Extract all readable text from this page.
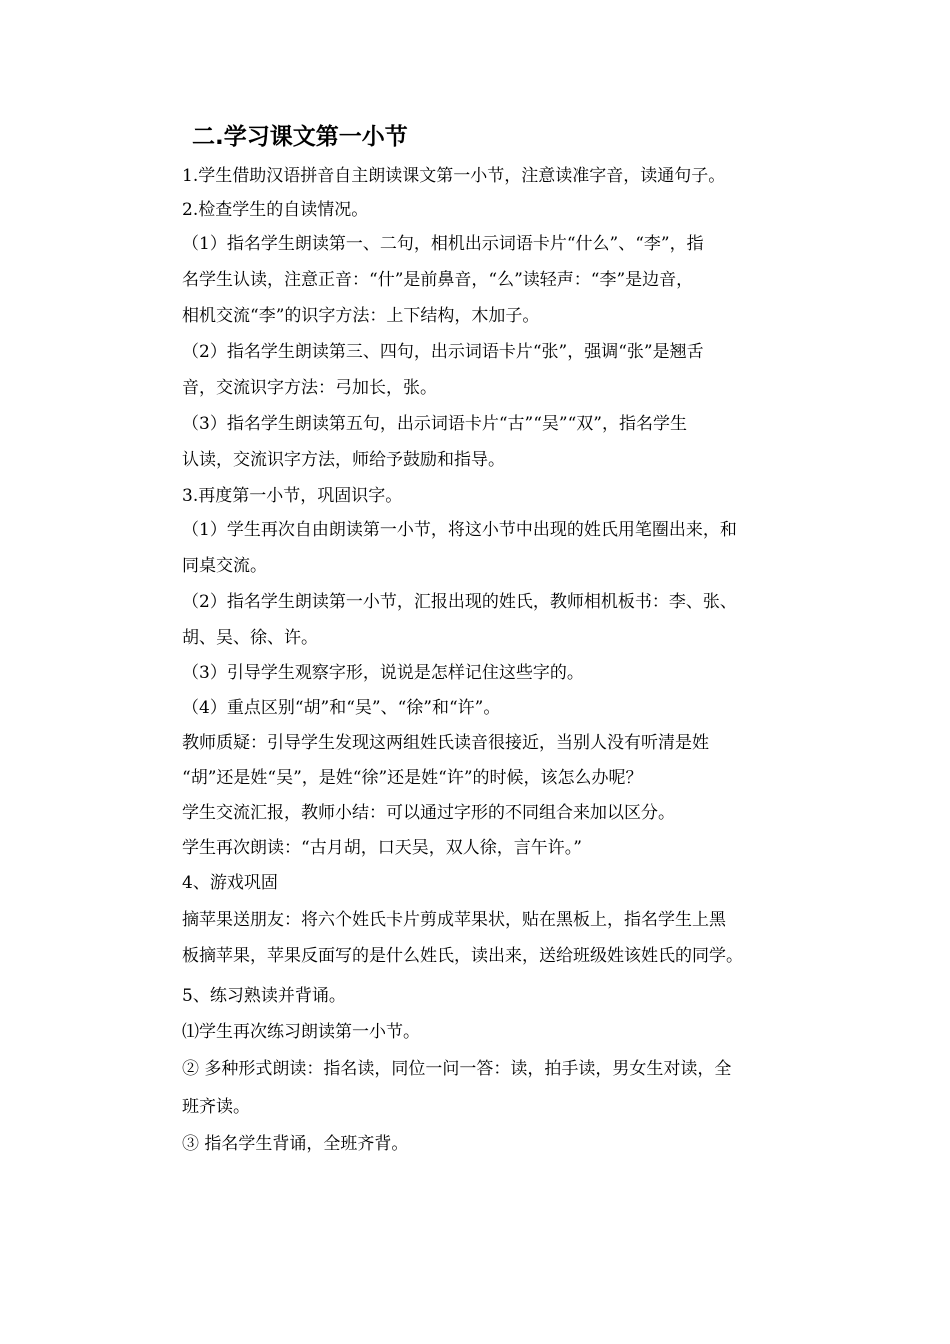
二.学习课文第一小节
1.学生借助汉语拼音自主朗读课文第一小节，注意读准字音，读通句子。
2.检查学生的自读情况。
（1）指名学生朗读第一、二句，相机出示词语卡片“什么”、“李”，指
名学生认读，注意正音：“什”是前鼻音，“么”读轻声：“李”是边音，
相机交流“李”的识字方法：上下结构，木加子。
（2）指名学生朗读第三、四句，出示词语卡片“张”，强调“张”是翘舌
音，交流识字方法：弓加长，张。
（3）指名学生朗读第五句，出示词语卡片“古”“吴”“双”，指名学生
认读，交流识字方法，师给予鼓励和指导。
3.再度第一小节，巩固识字。
（1）学生再次自由朗读第一小节，将这小节中出现的姓氏用笔圈出来，和
同桌交流。
（2）指名学生朗读第一小节，汇报出现的姓氏，教师相机板书：李、张、
胡、吴、徐、许。
（3）引导学生观察字形，说说是怎样记住这些字的。
（4）重点区别“胡”和“吴”、“徐”和“许”。
教师质疑：引导学生发现这两组姓氏读音很接近，当别人没有听清是姓
“胡”还是姓“吴”，是姓“徐”还是姓“许”的时候，该怎么办呢？
学生交流汇报，教师小结：可以通过字形的不同组合来加以区分。
学生再次朗读：“古月胡，口天吴，双人徐，言午许。”
4、游戏巩固
摘苹果送朋友：将六个姓氏卡片剪成苹果状，贴在黑板上，指名学生上黑
板摘苹果，苹果反面写的是什么姓氏，读出来，送给班级姓该姓氏的同学。
5、练习熟读并背诵。
⑴学生再次练习朗读第一小节。
② 多种形式朗读：指名读，同位一问一答：读，拍手读，男女生对读，全
班齐读。
③ 指名学生背诵，全班齐背。
